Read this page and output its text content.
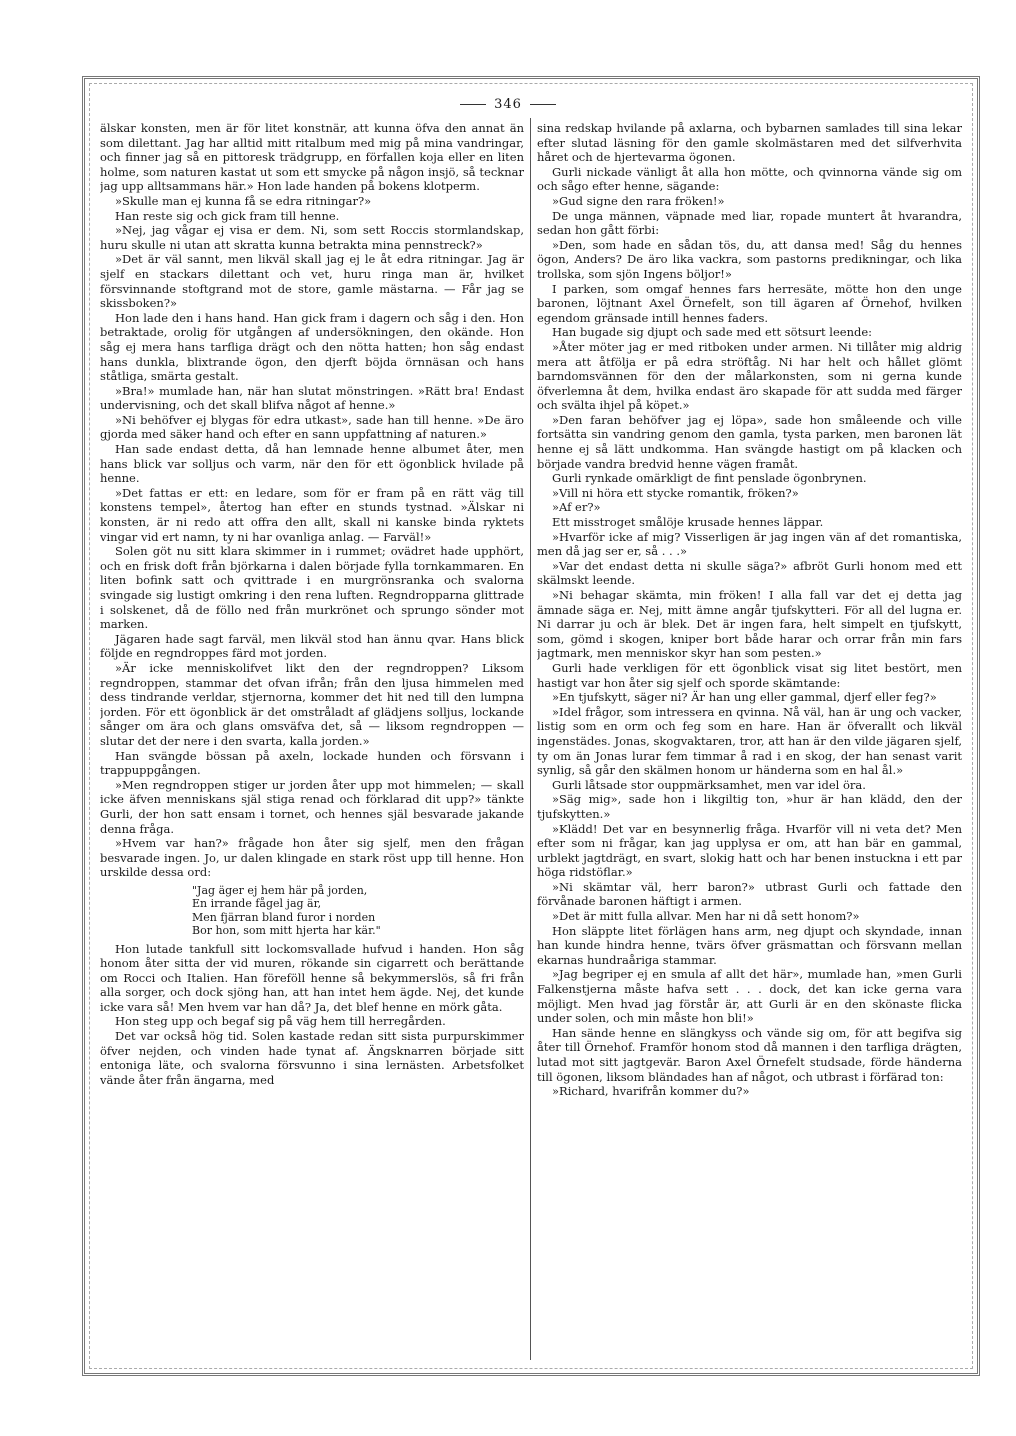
346

älskar konsten, men är för litet konstnär, att kunna öfva den annat än som dilettant. Jag har alltid mitt ritalbum med mig på mina vandringar, och finner jag så en pittoresk trädgrupp, en förfallen koja eller en liten holme, som naturen kastat ut som ett smycke på någon insjö, så tecknar jag upp alltsammans här.» Hon lade handen på bokens klotperm.

»Skulle man ej kunna få se edra ritningar?»

Han reste sig och gick fram till henne.

»Nej, jag vågar ej visa er dem. Ni, som sett Roccis stormlandskap, huru skulle ni utan att skratta kunna betrakta mina pennstreck?»

»Det är väl sannt, men likväl skall jag ej le åt edra ritningar. Jag är sjelf en stackars dilettant och vet, huru ringa man är, hvilket försvinnande stoftgrand mot de store, gamle mästarna. — Får jag se skissboken?»

Hon lade den i hans hand. Han gick fram i dagern och såg i den. Hon betraktade, orolig för utgången af undersökningen, den okände. Hon såg ej mera hans tarfliga drägt och den nötta hatten; hon såg endast hans dunkla, blixtrande ögon, den djerft böjda örnnäsan och hans ståtliga, smärta gestalt.

»Bra!» mumlade han, när han slutat mönstringen. »Rätt bra! Endast undervisning, och det skall blifva något af henne.»

»Ni behöfver ej blygas för edra utkast», sade han till henne. »De äro gjorda med säker hand och efter en sann uppfattning af naturen.»

Han sade endast detta, då han lemnade henne albumet åter, men hans blick var solljus och varm, när den för ett ögonblick hvilade på henne.

»Det fattas er ett: en ledare, som för er fram på en rätt väg till konstens tempel», återtog han efter en stunds tystnad. »Älskar ni konsten, är ni redo att offra den allt, skall ni kanske binda ryktets vingar vid ert namn, ty ni har ovanliga anlag. — Farväl!»

Solen göt nu sitt klara skimmer in i rummet; ovädret hade upphört, och en frisk doft från björkarna i dalen började fylla tornkammaren. En liten bofink satt och qvittrade i en murgrönsranka och svalorna svingade sig lustigt omkring i den rena luften. Regndropparna glittrade i solskenet, då de föllo ned från murkrönet och sprungo sönder mot marken.

Jägaren hade sagt farväl, men likväl stod han ännu qvar. Hans blick följde en regndroppes färd mot jorden.

»Är icke menniskolifvet likt den der regndroppen? Liksom regndroppen, stammar det ofvan ifrån; från den ljusa himmelen med dess tindrande verldar, stjernorna, kommer det hit ned till den lumpna jorden. För ett ögonblick är det omstråladt af glädjens solljus, lockande sånger om ära och glans omsväfva det, så — liksom regndroppen — slutar det der nere i den svarta, kalla jorden.»

Han svängde bössan på axeln, lockade hunden och försvann i trappuppgången.

»Men regndroppen stiger ur jorden åter upp mot himmelen; — skall icke äfven menniskans själ stiga renad och förklarad dit upp?» tänkte Gurli, der hon satt ensam i tornet, och hennes själ besvarade jakande denna fråga.

»Hvem var han?» frågade hon åter sig sjelf, men den frågan besvarade ingen. Jo, ur dalen klingade en stark röst upp till henne. Hon urskilde dessa ord:

"Jag äger ej hem här på jorden,
En irrande fågel jag är,
Men fjärran bland furor i norden
Bor hon, som mitt hjerta har kär."

Hon lutade tankfull sitt lockomsvallade hufvud i handen. Hon såg honom åter sitta der vid muren, rökande sin cigarrett och berättande om Rocci och Italien. Han föreföll henne så bekymmerslös, så fri från alla sorger, och dock sjöng han, att han intet hem ägde. Nej, det kunde icke vara så! Men hvem var han då? Ja, det blef henne en mörk gåta.

Hon steg upp och begaf sig på väg hem till herregården.

Det var också hög tid. Solen kastade redan sitt sista purpurskimmer öfver nejden, och vinden hade tynat af. Ängsknarren började sitt entoniga läte, och svalorna försvunno i sina lernästen. Arbetsfolket vände åter från ängarna, med

sina redskap hvilande på axlarna, och bybarnen samlades till sina lekar efter slutad läsning för den gamle skolmästaren med det silfverhvita håret och de hjertevarma ögonen.

Gurli nickade vänligt åt alla hon mötte, och qvinnorna vände sig om och sågo efter henne, sägande:

»Gud signe den rara fröken!»

De unga männen, väpnade med liar, ropade muntert åt hvarandra, sedan hon gått förbi:

»Den, som hade en sådan tös, du, att dansa med! Såg du hennes ögon, Anders? De äro lika vackra, som pastorns predikningar, och lika trollska, som sjön Ingens böljor!»

I parken, som omgaf hennes fars herresäte, mötte hon den unge baronen, löjtnant Axel Örnefelt, son till ägaren af Örnehof, hvilken egendom gränsade intill hennes faders.

Han bugade sig djupt och sade med ett sötsurt leende:

»Åter möter jag er med ritboken under armen. Ni tillåter mig aldrig mera att åtfölja er på edra ströftåg. Ni har helt och hållet glömt barndomsvännen för den der målarkonsten, som ni gerna kunde öfverlemna åt dem, hvilka endast äro skapade för att sudda med färger och svälta ihjel på köpet.»

»Den faran behöfver jag ej löpa», sade hon småleende och ville fortsätta sin vandring genom den gamla, tysta parken, men baronen lät henne ej så lätt undkomma. Han svängde hastigt om på klacken och började vandra bredvid henne vägen framåt.

Gurli rynkade omärkligt de fint penslade ögonbrynen.

»Vill ni höra ett stycke romantik, fröken?»

»Af er?»

Ett misstroget smålöje krusade hennes läppar.

»Hvarför icke af mig? Visserligen är jag ingen vän af det romantiska, men då jag ser er, så . . .»

»Var det endast detta ni skulle säga?» afbröt Gurli honom med ett skälmskt leende.

»Ni behagar skämta, min fröken! I alla fall var det ej detta jag ämnade säga er. Nej, mitt ämne angår tjufskytteri. För all del lugna er. Ni darrar ju och är blek. Det är ingen fara, helt simpelt en tjufskytt, som, gömd i skogen, kniper bort både harar och orrar från min fars jagtmark, men menniskor skyr han som pesten.»

Gurli hade verkligen för ett ögonblick visat sig litet bestört, men hastigt var hon åter sig sjelf och sporde skämtande:

»En tjufskytt, säger ni? Är han ung eller gammal, djerf eller feg?»

»Idel frågor, som intressera en qvinna. Nå väl, han är ung och vacker, listig som en orm och feg som en hare. Han är öfverallt och likväl ingenstädes. Jonas, skogvaktaren, tror, att han är den vilde jägaren sjelf, ty om än Jonas lurar fem timmar å rad i en skog, der han senast varit synlig, så går den skälmen honom ur händerna som en hal ål.»

Gurli låtsade stor ouppmärksamhet, men var idel öra.

»Säg mig», sade hon i likgiltig ton, »hur är han klädd, den der tjufskytten.»

»Klädd! Det var en besynnerlig fråga. Hvarför vill ni veta det? Men efter som ni frågar, kan jag upplysa er om, att han bär en gammal, urblekt jagtdrägt, en svart, slokig hatt och har benen instuckna i ett par höga ridstöflar.»

»Ni skämtar väl, herr baron?» utbrast Gurli och fattade den förvånade baronen häftigt i armen.

»Det är mitt fulla allvar. Men har ni då sett honom?»

Hon släppte litet förlägen hans arm, neg djupt och skyndade, innan han kunde hindra henne, tvärs öfver gräsmattan och försvann mellan ekarnas hundraåriga stammar.

»Jag begriper ej en smula af allt det här», mumlade han, »men Gurli Falkenstjerna måste hafva sett . . . dock, det kan icke gerna vara möjligt. Men hvad jag förstår är, att Gurli är en den skönaste flicka under solen, och min måste hon bli!»

Han sände henne en slängkyss och vände sig om, för att begifva sig åter till Örnehof. Framför honom stod då mannen i den tarfliga drägten, lutad mot sitt jagtgevär. Baron Axel Örnefelt studsade, förde händerna till ögonen, liksom bländades han af något, och utbrast i förfärad ton:

»Richard, hvarifrån kommer du?»
